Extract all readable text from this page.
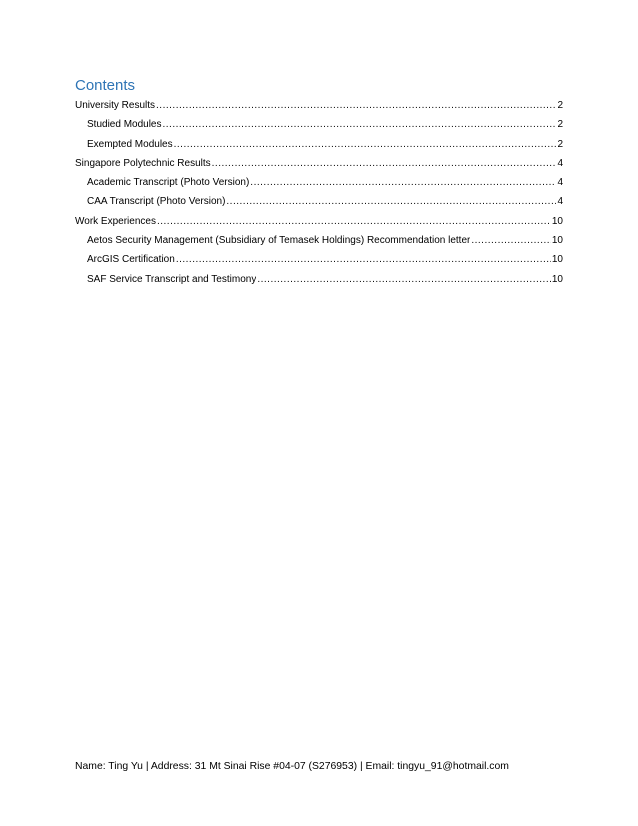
Contents
University Results .....	2
Studied Modules .....	2
Exempted Modules .....	2
Singapore Polytechnic Results .....	4
Academic Transcript (Photo Version) .....	4
CAA Transcript (Photo Version) .....	4
Work Experiences .....	10
Aetos Security Management (Subsidiary of Temasek Holdings) Recommendation letter .....	10
ArcGIS Certification .....	10
SAF Service Transcript and Testimony .....	10
Name: Ting Yu | Address: 31 Mt Sinai Rise #04-07 (S276953) | Email: tingyu_91@hotmail.com
